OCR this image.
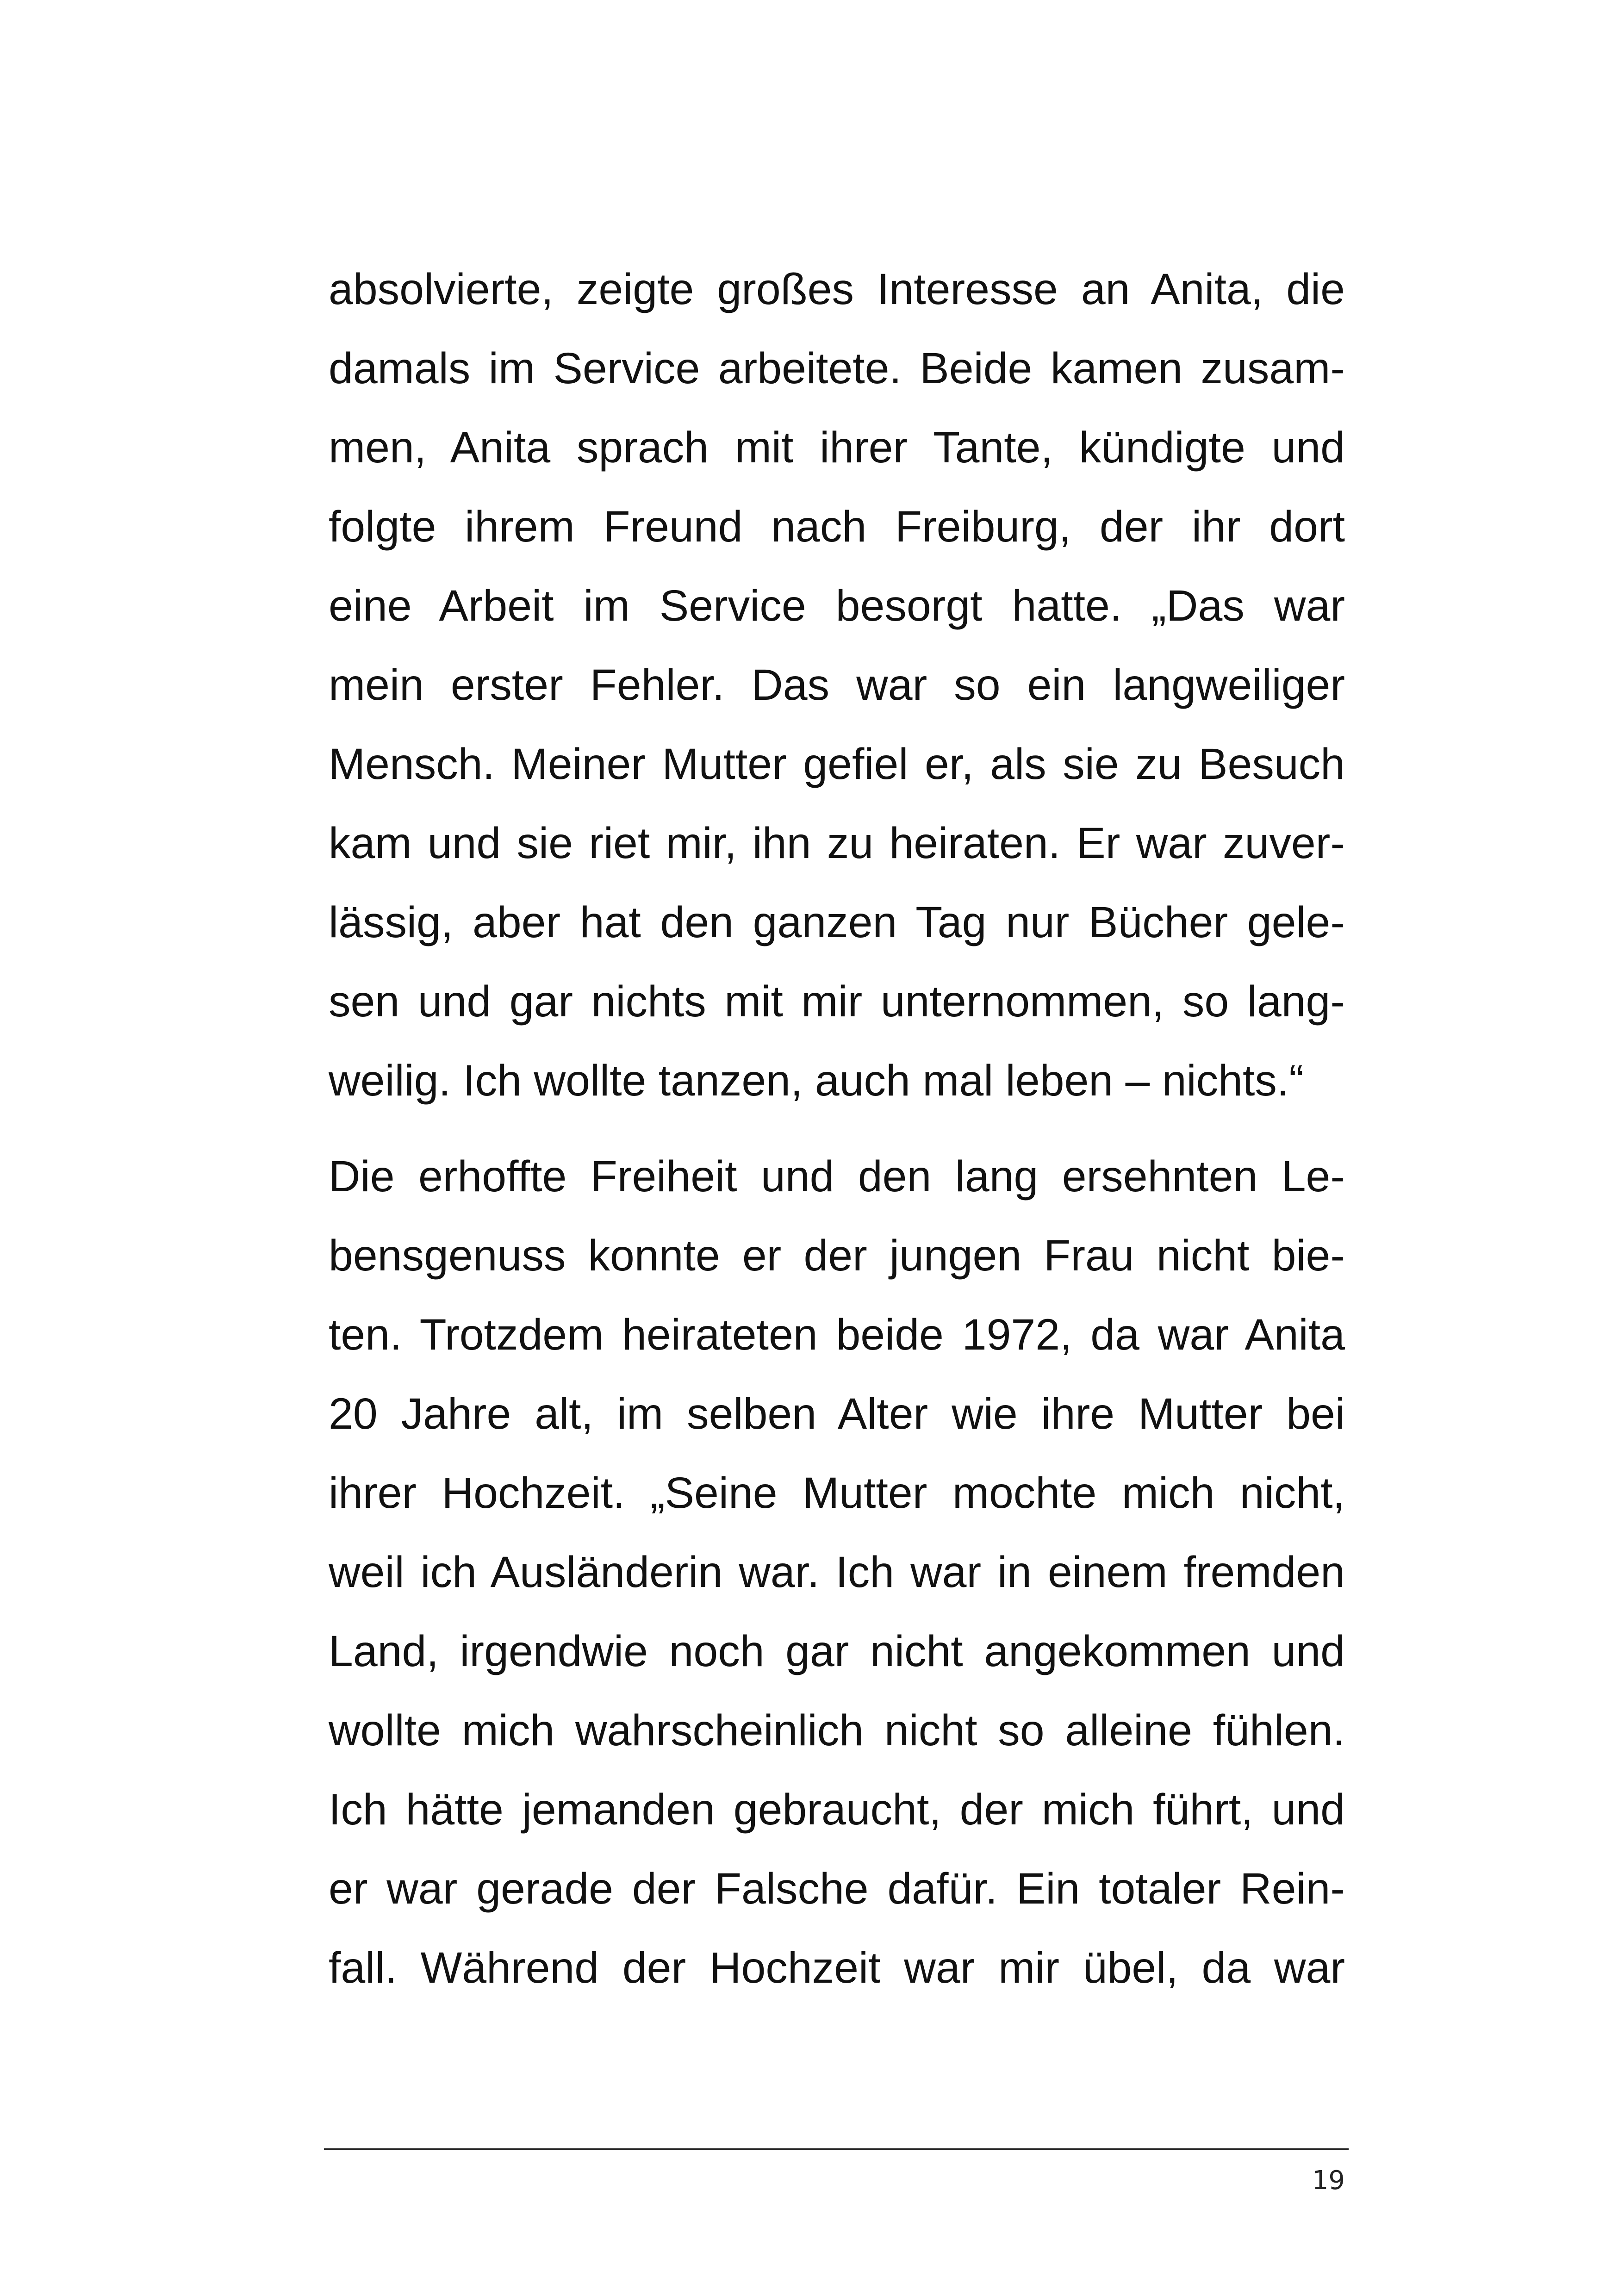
absolvierte, zeigte großes Interesse an Anita, die
damals im Service arbeitete. Beide kamen zusam-
men, Anita sprach mit ihrer Tante, kündigte und
folgte ihrem Freund nach Freiburg, der ihr dort
eine Arbeit im Service besorgt hatte. „Das war
mein erster Fehler. Das war so ein langweiliger
Mensch. Meiner Mutter gefiel er, als sie zu Besuch
kam und sie riet mir, ihn zu heiraten. Er war zuver-
lässig, aber hat den ganzen Tag nur Bücher gele-
sen und gar nichts mit mir unternommen, so lang-
weilig. Ich wollte tanzen, auch mal leben – nichts.“
Die erhoffte Freiheit und den lang ersehnten Le-
bensgenuss konnte er der jungen Frau nicht bie-
ten. Trotzdem heirateten beide 1972, da war Anita
20 Jahre alt, im selben Alter wie ihre Mutter bei
ihrer Hochzeit. „Seine Mutter mochte mich nicht,
weil ich Ausländerin war. Ich war in einem fremden
Land, irgendwie noch gar nicht angekommen und
wollte mich wahrscheinlich nicht so alleine fühlen.
Ich hätte jemanden gebraucht, der mich führt, und
er war gerade der Falsche dafür. Ein totaler Rein-
fall. Während der Hochzeit war mir übel, da war
19
